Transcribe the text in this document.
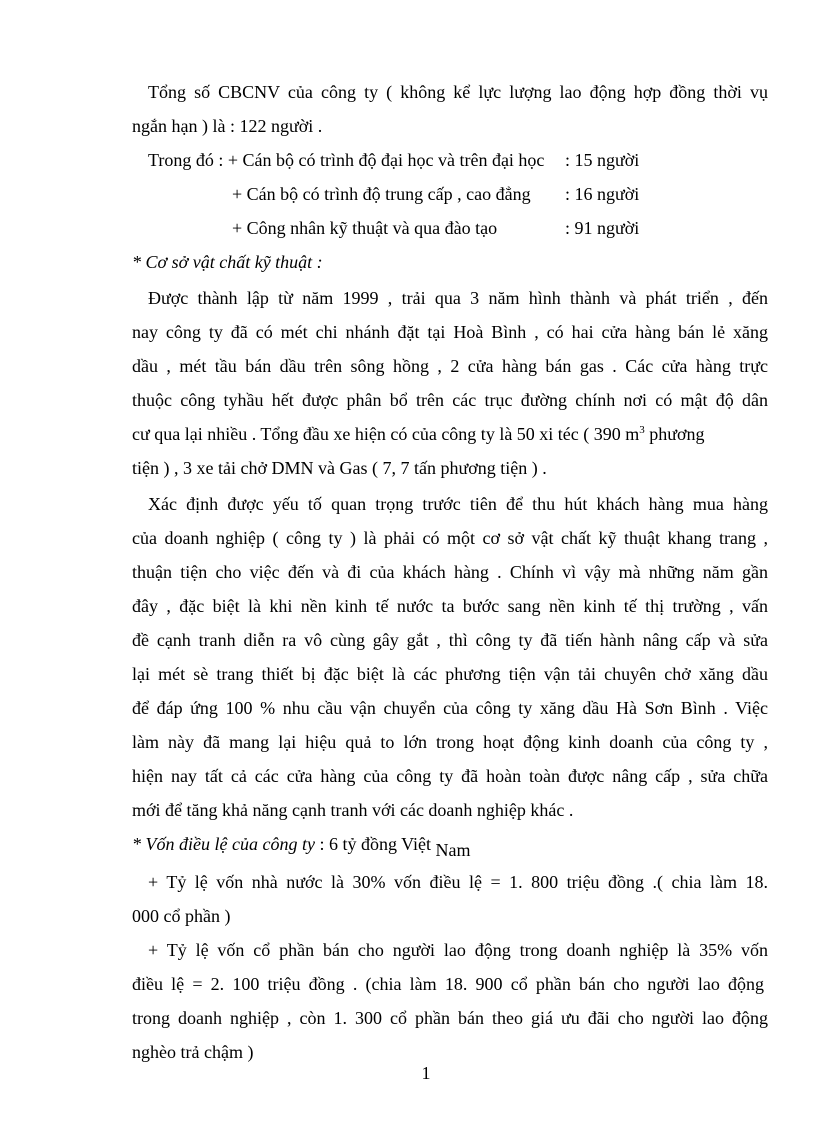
Tổng số CBCNV của công ty ( không kể lực lượng lao động hợp đồng thời vụ

ngắn hạn ) là : 122 người .

Trong đó : + Cán bộ có trình độ đại học và trên đại học : 15 người

+ Cán bộ có trình độ trung cấp , cao đẳng : 16 người

+ Công nhân kỹ thuật và qua đào tạo	: 91 người

* Cơ sở vật chất kỹ thuật :

Được thành lập từ năm 1999 , trải qua 3 năm hình thành và phát triển , đến

nay công ty đã có mét chi nhánh đặt tại Hoà Bình , có hai cửa hàng bán lẻ xăng

dầu , mét tầu bán dầu trên sông hồng , 2 cửa hàng bán gas . Các cửa hàng trực

thuộc công tyhầu hết được phân bổ trên các trục đường chính nơi có mật độ dân

cư qua lại nhiều . Tổng đầu xe hiện có của công ty là 50 xi téc ( 390 $m^3$ phương

tiện ) , 3 xe tải chở DMN và Gas ( 7, 7 tấn phương tiện ) .

Xác định được yếu tố quan trọng trước tiên để thu hút khách hàng mua hàng

của doanh nghiệp ( công ty ) là phải có một cơ sở vật chất kỹ thuật khang trang ,

thuận tiện cho việc đến và đi của khách hàng . Chính vì vậy mà những năm gần

đây , đặc biệt là khi nền kinh tế nước ta bước sang nền kinh tế thị trường , vấn

đề cạnh tranh diễn ra vô cùng gây gắt , thì công ty đã tiến hành nâng cấp và sửa

lại mét sè trang thiết bị đặc biệt là các phương tiện vận tải chuyên chở xăng dầu

để đáp ứng 100 % nhu cầu vận chuyển của công ty xăng dầu Hà Sơn Bình . Việc

làm này đã mang lại hiệu quả to lớn trong hoạt động kinh doanh của công ty ,

hiện nay tất cả các cửa hàng của công ty đã hoàn toàn được nâng cấp , sửa chữa

mới để tăng khả năng cạnh tranh với các doanh nghiệp khác .

* Vốn điều lệ của công ty : 6 tỷ đồng Việt Nam

+ Tỷ lệ vốn nhà nước là 30% vốn điều lệ = 1. 800 triệu đồng .( chia làm 18.

000 cổ phần )

+ Tỷ lệ vốn cổ phần bán cho người lao động trong doanh nghiệp là 35% vốn

điều lệ = 2. 100 triệu đồng . (chia làm 18. 900 cổ phần bán cho người lao động

trong doanh nghiệp , còn 1. 300 cổ phần bán theo giá ưu đãi cho người lao động

nghèo trả chậm )

1
